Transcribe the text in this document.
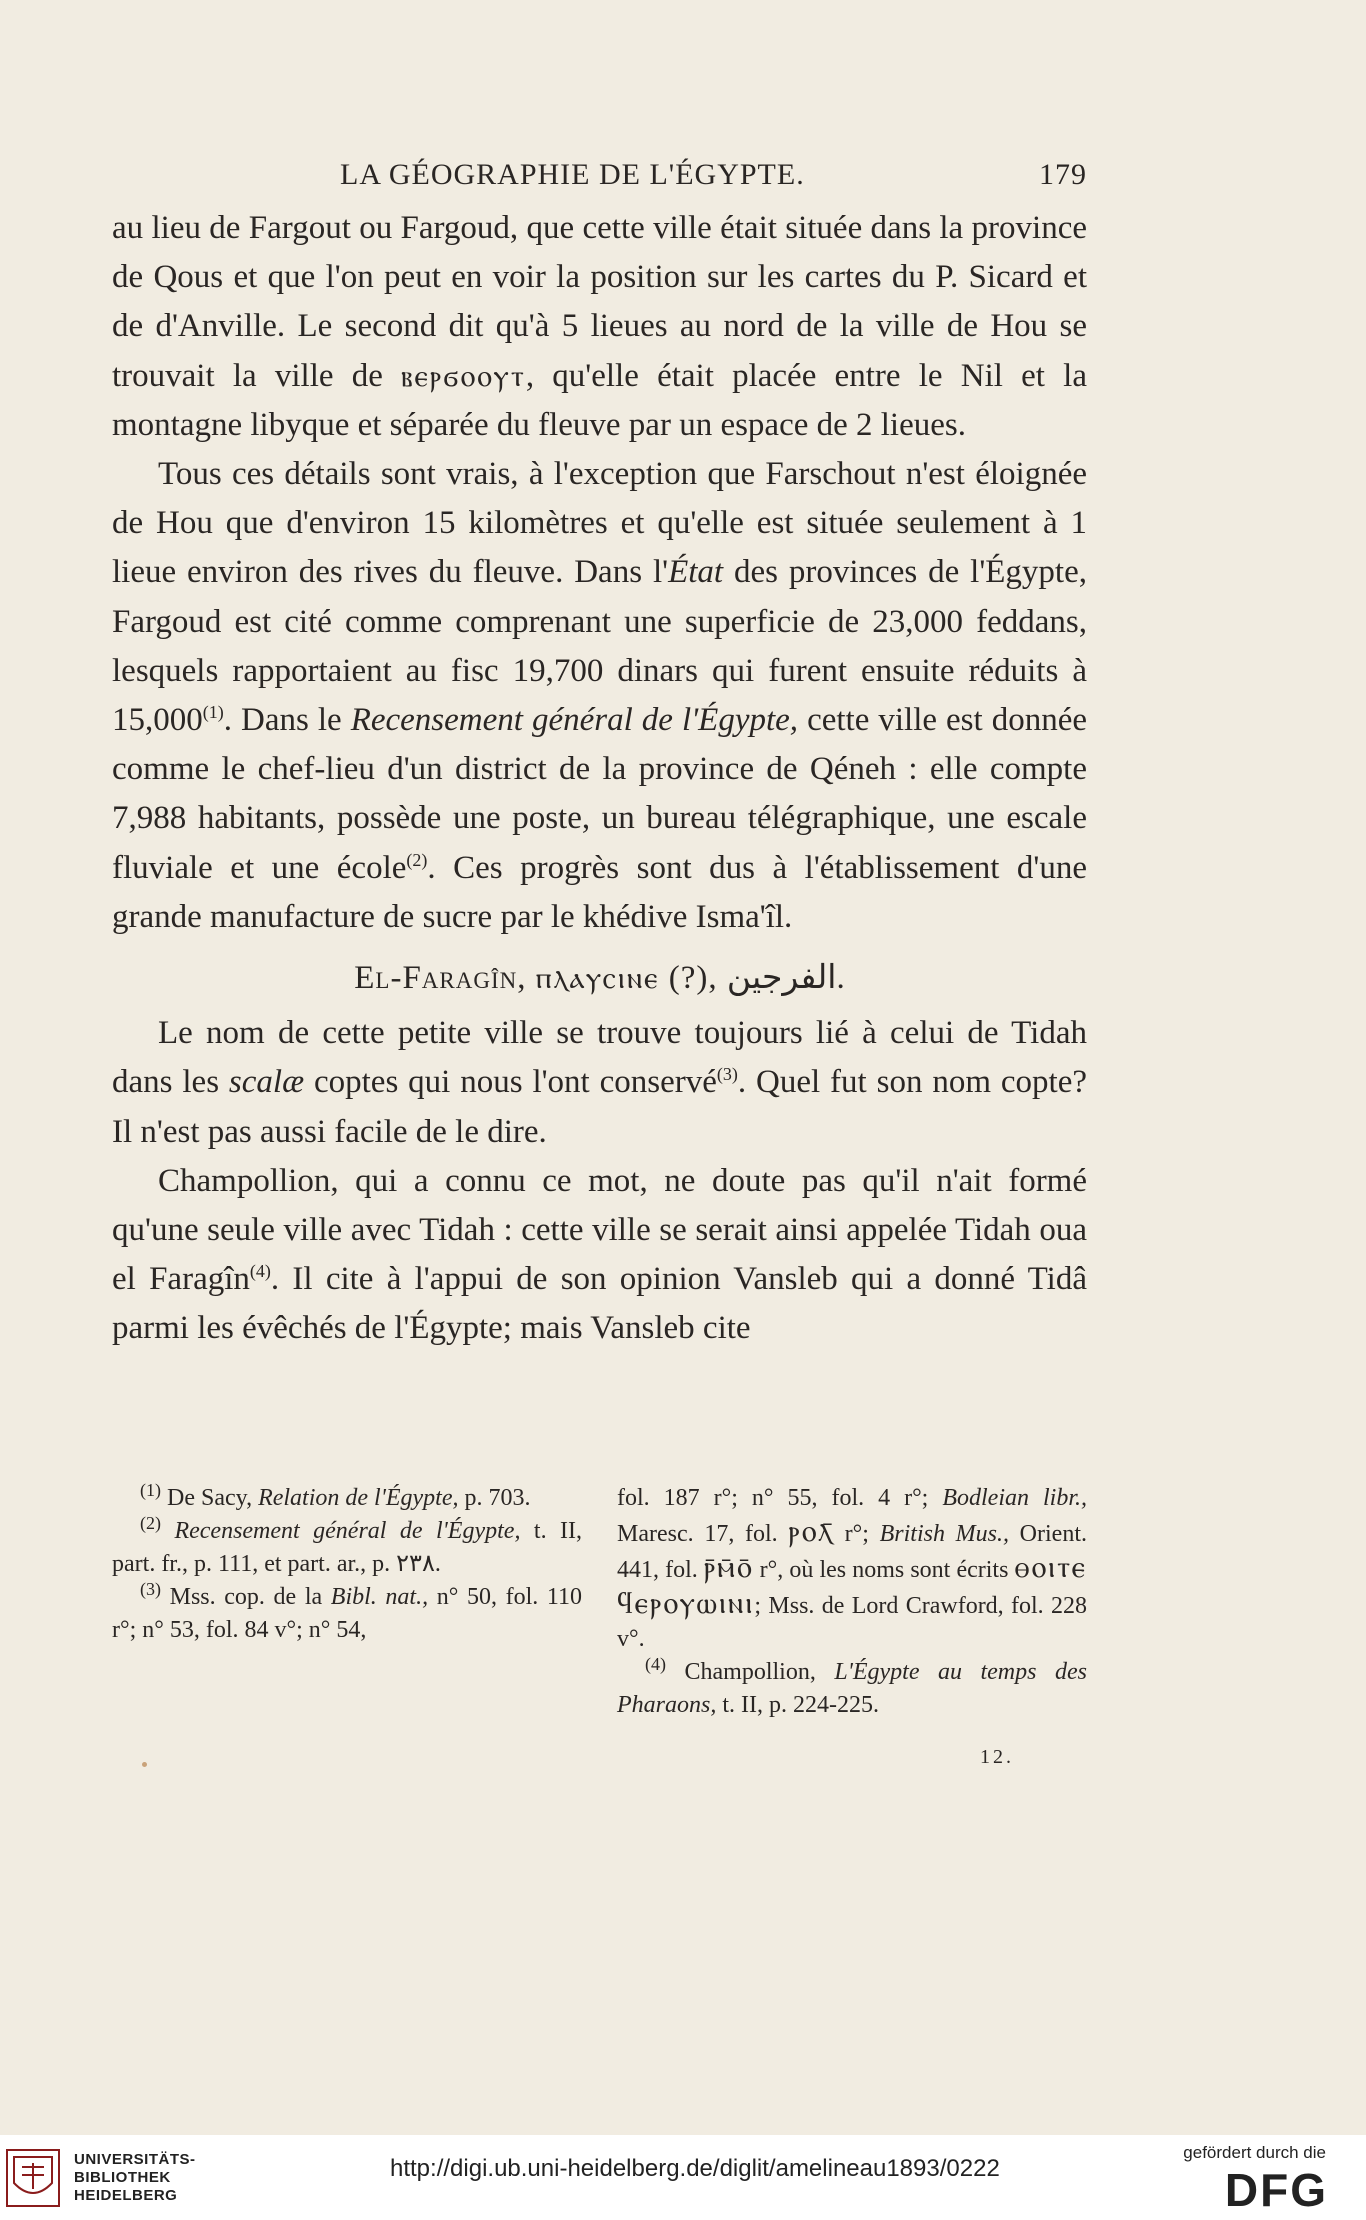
LA GÉOGRAPHIE DE L'ÉGYPTE.	179

au lieu de Fargout ou Fargoud, que cette ville était située dans la province de Qous et que l'on peut en voir la position sur les cartes du P. Sicard et de d'Anville. Le second dit qu'à 5 lieues au nord de la ville de Hou se trouvait la ville de ⲃⲉⲣϭⲟⲟⲩⲧ, qu'elle était placée entre le Nil et la montagne libyque et séparée du fleuve par un espace de 2 lieues.

Tous ces détails sont vrais, à l'exception que Farschout n'est éloignée de Hou que d'environ 15 kilomètres et qu'elle est située seulement à 1 lieue environ des rives du fleuve. Dans l'État des provinces de l'Égypte, Fargoud est cité comme comprenant une superficie de 23,000 feddans, lesquels rapportaient au fisc 19,700 dinars qui furent ensuite réduits à 15,000$^{(1)}$. Dans le Recensement général de l'Égypte, cette ville est donnée comme le chef-lieu d'un district de la province de Qéneh : elle compte 7,988 habitants, possède une poste, un bureau télégraphique, une escale fluviale et une école$^{(2)}$. Ces progrès sont dus à l'établissement d'une grande manufacture de sucre par le khédive Isma'îl.

El-Faragîn, ⲡⲗⲁⲩⲥⲓⲛⲉ (?), الفرجين.

Le nom de cette petite ville se trouve toujours lié à celui de Tidah dans les scalæ coptes qui nous l'ont conservé$^{(3)}$. Quel fut son nom copte? Il n'est pas aussi facile de le dire.

Champollion, qui a connu ce mot, ne doute pas qu'il n'ait formé qu'une seule ville avec Tidah : cette ville se serait ainsi appelée Tidah oua el Faragîn$^{(4)}$. Il cite à l'appui de son opinion Vansleb qui a donné Tidâ parmi les évêchés de l'Égypte; mais Vansleb cite

$^{(1)}$ De Sacy, Relation de l'Égypte, p. 703.

$^{(2)}$ Recensement général de l'Égypte, t. II, part. fr., p. 111, et part. ar., p. ٢٣٨.

$^{(3)}$ Mss. cop. de la Bibl. nat., n° 50, fol. 110 r°; n° 53, fol. 84 v°; n° 54,

fol. 187 r°; n° 55, fol. 4 r°; Bodleian libr., Maresc. 17, fol. ⲣⲟⲗ̄ r°; British Mus., Orient. 441, fol. ⲣ̄ⲙ̄ⲟ̄ r°, où les noms sont écrits ⲑⲟⲓⲧⲉ ϥⲉⲣⲟⲩⲱⲓⲛⲓ; Mss. de Lord Crawford, fol. 228 v°.

$^{(4)}$ Champollion, L'Égypte au temps des Pharaons, t. II, p. 224-225.

12.
UNIVERSITÄTS-
BIBLIOTHEK
HEIDELBERG
http://digi.ub.uni-heidelberg.de/diglit/amelineau1893/0222
gefördert durch die
DFG
